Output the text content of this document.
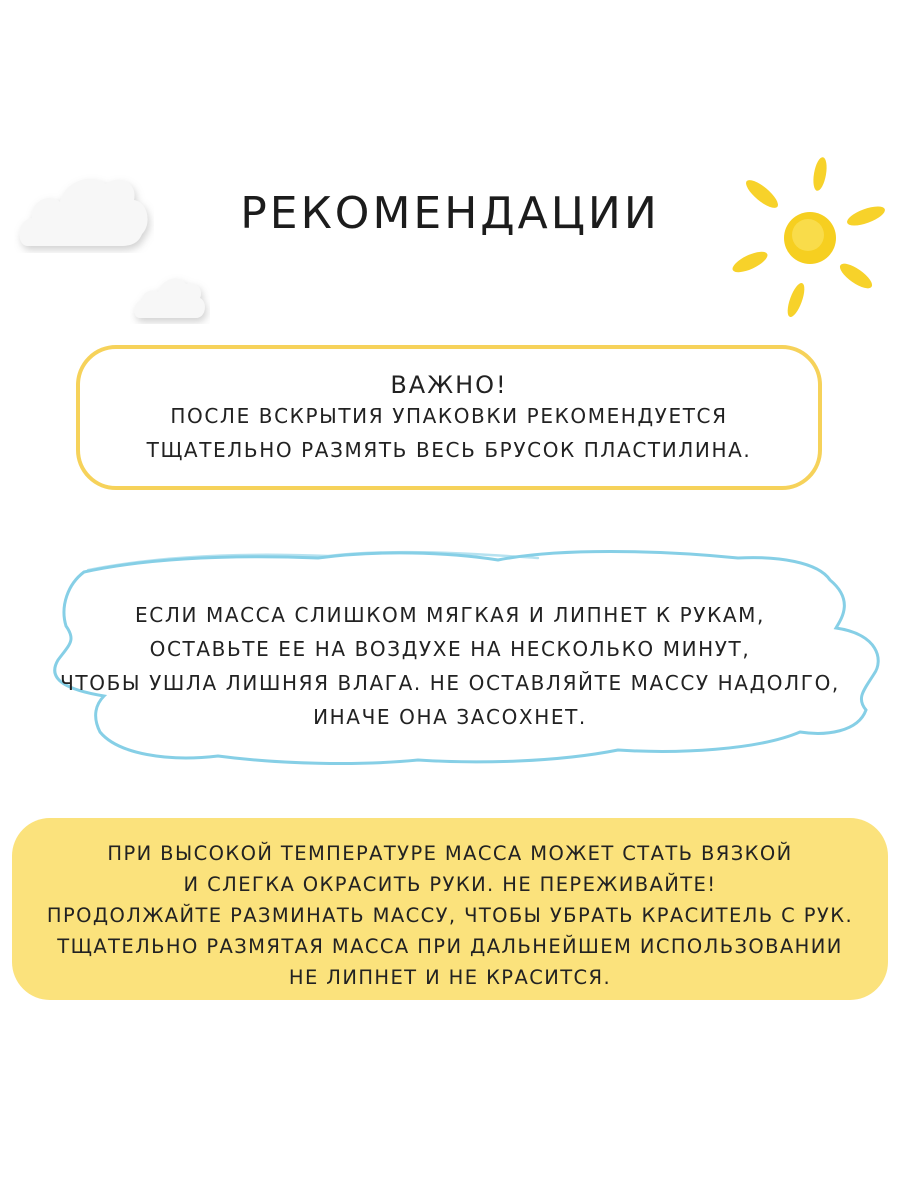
РЕКОМЕНДАЦИИ
ВАЖНО!
ПОСЛЕ ВСКРЫТИЯ УПАКОВКИ РЕКОМЕНДУЕТСЯ
ТЩАТЕЛЬНО РАЗМЯТЬ ВЕСЬ БРУСОК ПЛАСТИЛИНА.
ЕСЛИ МАССА СЛИШКОМ МЯГКАЯ И ЛИПНЕТ К РУКАМ,
ОСТАВЬТЕ ЕЕ НА ВОЗДУХЕ НА НЕСКОЛЬКО МИНУТ,
ЧТОБЫ УШЛА ЛИШНЯЯ ВЛАГА. НЕ ОСТАВЛЯЙТЕ МАССУ НАДОЛГО,
ИНАЧЕ ОНА ЗАСОХНЕТ.
ПРИ ВЫСОКОЙ ТЕМПЕРАТУРЕ МАССА МОЖЕТ СТАТЬ ВЯЗКОЙ
И СЛЕГКА ОКРАСИТЬ РУКИ. НЕ ПЕРЕЖИВАЙТЕ!
ПРОДОЛЖАЙТЕ РАЗМИНАТЬ МАССУ, ЧТОБЫ УБРАТЬ КРАСИТЕЛЬ С РУК.
ТЩАТЕЛЬНО РАЗМЯТАЯ МАССА ПРИ ДАЛЬНЕЙШЕМ ИСПОЛЬЗОВАНИИ
НЕ ЛИПНЕТ И НЕ КРАСИТСЯ.
